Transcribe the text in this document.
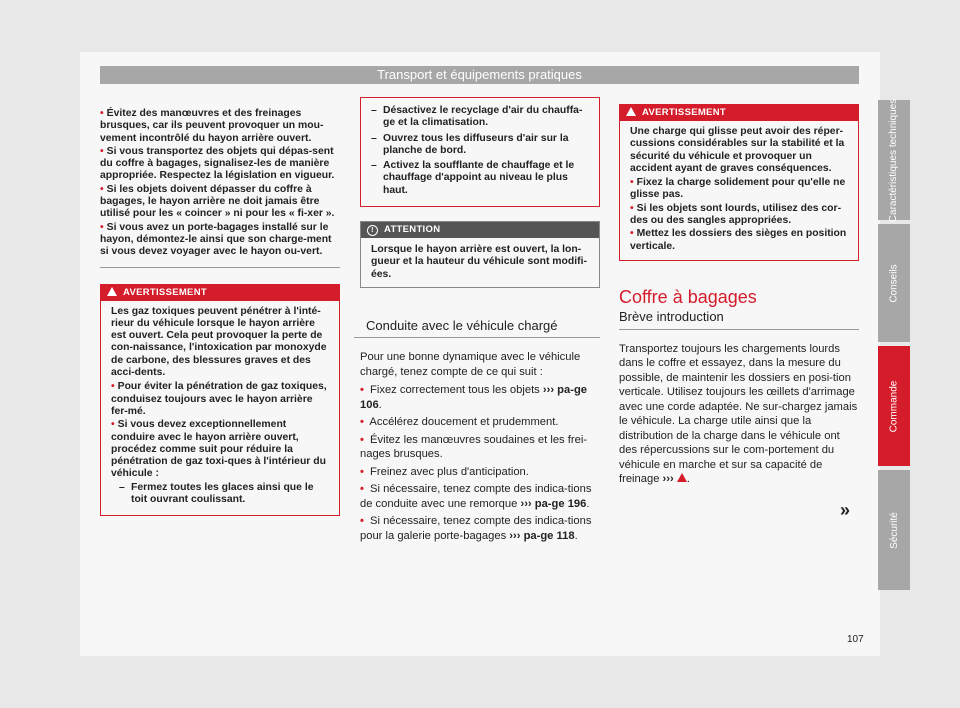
Transport et équipements pratiques
• Évitez des manœuvres et des freinages brusques, car ils peuvent provoquer un mou-vement incontrôlé du hayon arrière ouvert.
• Si vous transportez des objets qui dépas-sent du coffre à bagages, signalisez-les de manière appropriée. Respectez la législation en vigueur.
• Si les objets doivent dépasser du coffre à bagages, le hayon arrière ne doit jamais être utilisé pour les « coincer » ni pour les « fi-xer ».
• Si vous avez un porte-bagages installé sur le hayon, démontez-le ainsi que son charge-ment si vous devez voyager avec le hayon ou-vert.
AVERTISSEMENT
Les gaz toxiques peuvent pénétrer à l'inté-rieur du véhicule lorsque le hayon arrière est ouvert. Cela peut provoquer la perte de con-naissance, l'intoxication par monoxyde de carbone, des blessures graves et des acci-dents.
• Pour éviter la pénétration de gaz toxiques, conduisez toujours avec le hayon arrière fer-mé.
• Si vous devez exceptionnellement conduire avec le hayon arrière ouvert, procédez comme suit pour réduire la pénétration de gaz toxi-ques à l'intérieur du véhicule :
– Fermez toutes les glaces ainsi que le toit ouvrant coulissant.
– Désactivez le recyclage d'air du chauffa-ge et la climatisation.
– Ouvrez tous les diffuseurs d'air sur la planche de bord.
– Activez la soufflante de chauffage et le chauffage d'appoint au niveau le plus haut.
! ATTENTION
Lorsque le hayon arrière est ouvert, la lon-gueur et la hauteur du véhicule sont modifi-ées.
Conduite avec le véhicule chargé
Pour une bonne dynamique avec le véhicule chargé, tenez compte de ce qui suit :
• Fixez correctement tous les objets ››› pa-ge 106.
• Accélérez doucement et prudemment.
• Évitez les manœuvres soudaines et les frei-nages brusques.
• Freinez avec plus d'anticipation.
• Si nécessaire, tenez compte des indica-tions de conduite avec une remorque ››› pa-ge 196.
• Si nécessaire, tenez compte des indica-tions pour la galerie porte-bagages ››› pa-ge 118.
AVERTISSEMENT
Une charge qui glisse peut avoir des réper-cussions considérables sur la stabilité et la sécurité du véhicule et provoquer un accident ayant de graves conséquences.
• Fixez la charge solidement pour qu'elle ne glisse pas.
• Si les objets sont lourds, utilisez des cor-des ou des sangles appropriées.
• Mettez les dossiers des sièges en position verticale.
Coffre à bagages
Brève introduction
Transportez toujours les chargements lourds dans le coffre et essayez, dans la mesure du possible, de maintenir les dossiers en posi-tion verticale. Utilisez toujours les œillets d'arrimage avec une corde adaptée. Ne sur-chargez jamais le véhicule. La charge utile ainsi que la distribution de la charge dans le véhicule ont des répercussions sur le com-portement du véhicule en marche et sur sa capacité de freinage ››› .
»
Caractéristiques techniques
Conseils
Commande
Sécurité
107
